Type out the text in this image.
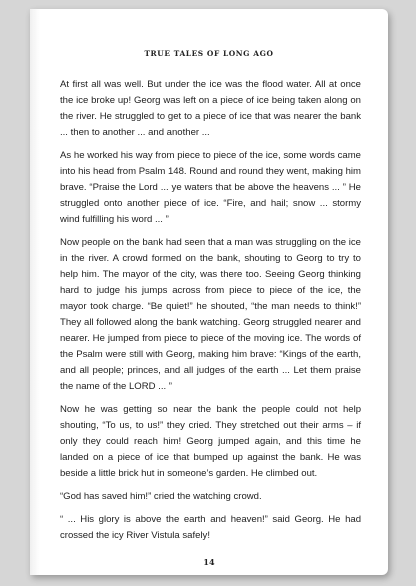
TRUE TALES OF LONG AGO

At first all was well. But under the ice was the flood water. All at once the ice broke up! Georg was left on a piece of ice being taken along on the river. He struggled to get to a piece of ice that was nearer the bank ... then to another ... and another ...

As he worked his way from piece to piece of the ice, some words came into his head from Psalm 148. Round and round they went, making him brave. “Praise the Lord ... ye waters that be above the heavens ... ” He struggled onto another piece of ice. “Fire, and hail; snow ... stormy wind fulfilling his word ... ”

Now people on the bank had seen that a man was struggling on the ice in the river. A crowd formed on the bank, shouting to Georg to try to help him. The mayor of the city, was there too. Seeing Georg thinking hard to judge his jumps across from piece to piece of the ice, the mayor took charge. “Be quiet!” he shouted, “the man needs to think!” They all followed along the bank watching. Georg struggled nearer and nearer. He jumped from piece to piece of the moving ice. The words of the Psalm were still with Georg, making him brave: “Kings of the earth, and all people; princes, and all judges of the earth ... Let them praise the name of the LORD ... ”

Now he was getting so near the bank the people could not help shouting, “To us, to us!” they cried. They stretched out their arms – if only they could reach him! Georg jumped again, and this time he landed on a piece of ice that bumped up against the bank. He was beside a little brick hut in someone’s garden. He climbed out.

“God has saved him!” cried the watching crowd.

“ ... His glory is above the earth and heaven!” said Georg. He had crossed the icy River Vistula safely!

14
